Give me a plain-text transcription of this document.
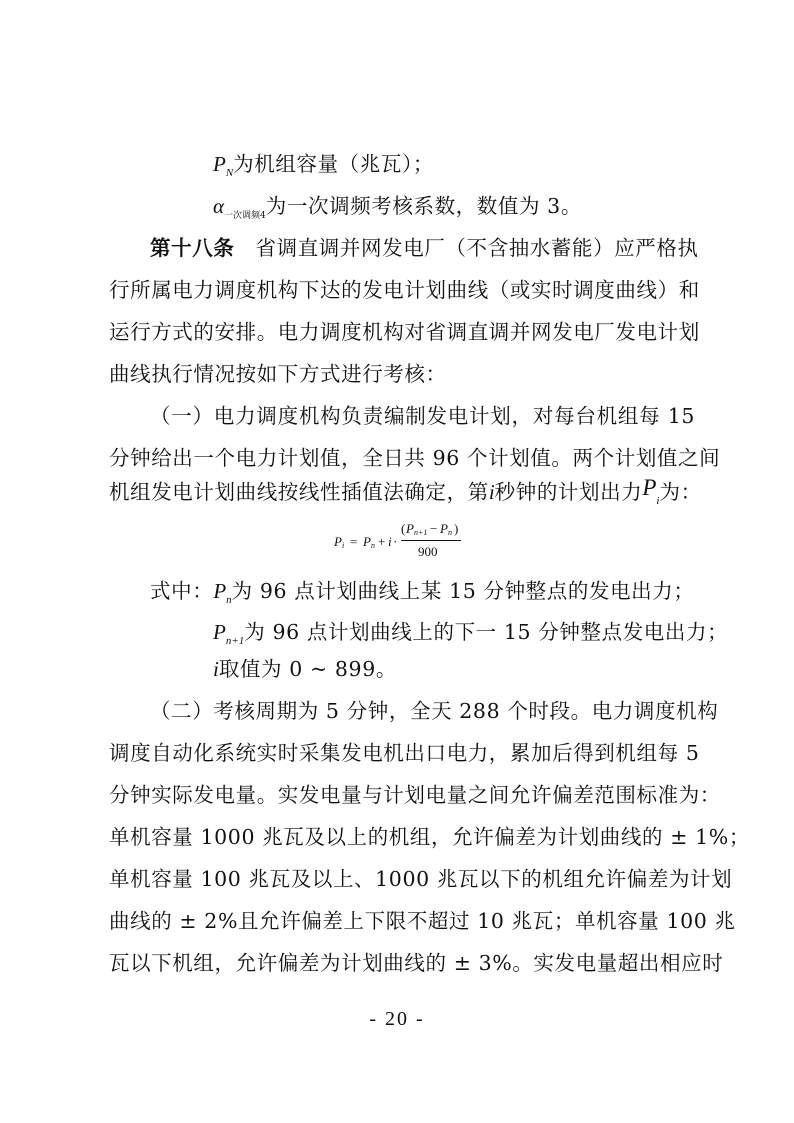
$P_N$为机组容量（兆瓦）；
$\alpha_{一次调频4}$为一次调频考核系数，数值为 3。
第十八条　省调直调并网发电厂（不含抽水蓄能）应严格执
行所属电力调度机构下达的发电计划曲线（或实时调度曲线）和
运行方式的安排。电力调度机构对省调直调并网发电厂发电计划
曲线执行情况按如下方式进行考核：
（一）电力调度机构负责编制发电计划，对每台机组每 15
分钟给出一个电力计划值，全日共 96 个计划值。两个计划值之间
机组发电计划曲线按线性插值法确定，第i秒钟的计划出力$P_i$为：
P i = P n + i ·
( P n+1 − P n )
900
式中：$P_n$为 96 点计划曲线上某 15 分钟整点的发电出力；
$P_{n+1}$为 96 点计划曲线上的下一 15 分钟整点发电出力；
i取值为 0 ~ 899。
（二）考核周期为 5 分钟，全天 288 个时段。电力调度机构
调度自动化系统实时采集发电机出口电力，累加后得到机组每 5
分钟实际发电量。实发电量与计划电量之间允许偏差范围标准为：
单机容量 1000 兆瓦及以上的机组，允许偏差为计划曲线的 ± 1%；
单机容量 100 兆瓦及以上、1000 兆瓦以下的机组允许偏差为计划
曲线的 ± 2%且允许偏差上下限不超过 10 兆瓦；单机容量 100 兆
瓦以下机组，允许偏差为计划曲线的 ± 3%。实发电量超出相应时
- 20 -
